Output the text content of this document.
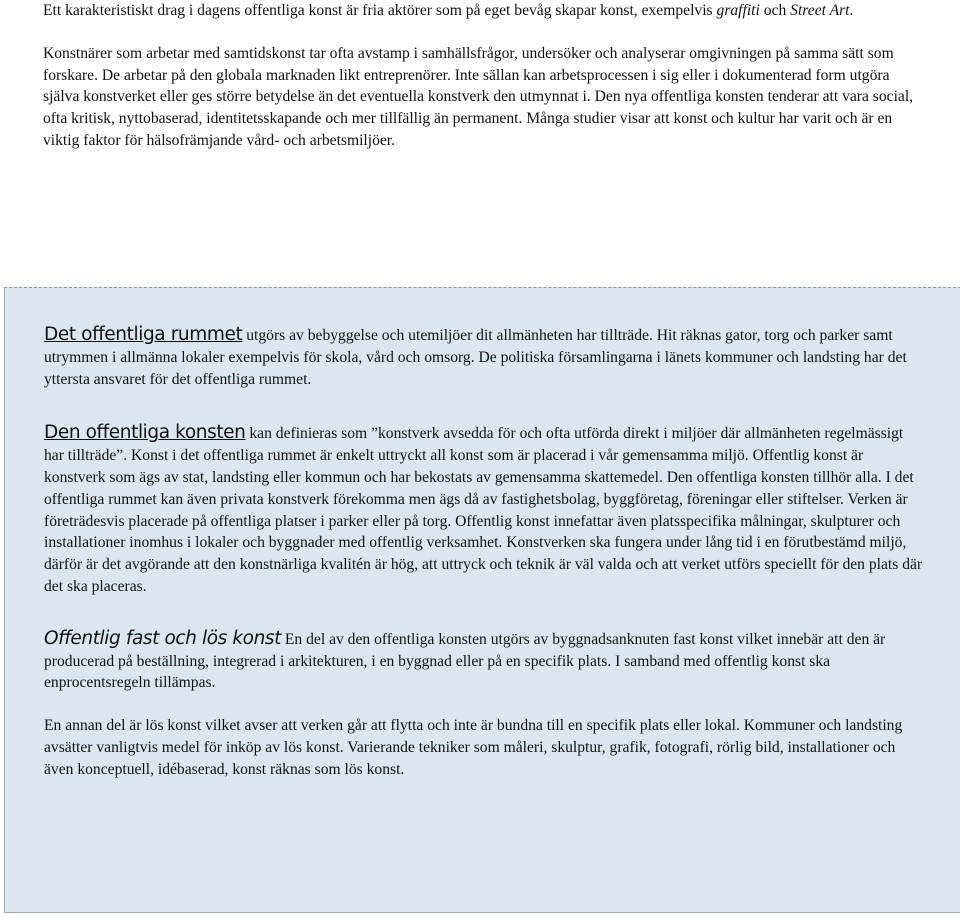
Ett karakteristiskt drag i dagens offentliga konst är fria aktörer som på eget bevåg skapar konst, exempelvis graffiti och Street Art.

Konstnärer som arbetar med samtidskonst tar ofta avstamp i samhällsfrågor, undersöker och analyserar omgivningen på samma sätt som forskare. De arbetar på den globala marknaden likt entreprenörer. Inte sällan kan arbetsprocessen i sig eller i dokumenterad form utgöra själva konstverket eller ges större betydelse än det eventuella konstverk den utmynnat i. Den nya offentliga konsten tenderar att vara social, ofta kritisk, nyttobaserad, identitetsskapande och mer tillfällig än permanent. Många studier visar att konst och kultur har varit och är en viktig faktor för hälsofrämjande vård- och arbetsmiljöer.

Det offentliga rummet utgörs av bebyggelse och utemiljöer dit allmänheten har tillträde. Hit räknas gator, torg och parker samt utrymmen i allmänna lokaler exempelvis för skola, vård och omsorg. De politiska församlingarna i länets kommuner och landsting har det yttersta ansvaret för det offentliga rummet.

Den offentliga konsten kan definieras som ”konstverk avsedda för och ofta utförda direkt i miljöer där allmänheten regelmässigt har tillträde”. Konst i det offentliga rummet är enkelt uttryckt all konst som är placerad i vår gemensamma miljö. Offentlig konst är konstverk som ägs av stat, landsting eller kommun och har bekostats av gemensamma skattemedel. Den offentliga konsten tillhör alla. I det offentliga rummet kan även privata konstverk förekomma men ägs då av fastighetsbolag, byggföretag, föreningar eller stiftelser. Verken är företrädesvis placerade på offentliga platser i parker eller på torg. Offentlig konst innefattar även platsspecifika målningar, skulpturer och installationer inomhus i lokaler och byggnader med offentlig verksamhet. Konstverken ska fungera under lång tid i en förutbestämd miljö, därför är det avgörande att den konstnärliga kvalitén är hög, att uttryck och teknik är väl valda och att verket utförs speciellt för den plats där det ska placeras.

Offentlig fast och lös konst En del av den offentliga konsten utgörs av byggnadsanknuten fast konst vilket innebär att den är producerad på beställning, integrerad i arkitekturen, i en byggnad eller på en specifik plats. I samband med offentlig konst ska enprocentsregeln tillämpas.

En annan del är lös konst vilket avser att verken går att flytta och inte är bundna till en specifik plats eller lokal. Kommuner och landsting avsätter vanligtvis medel för inköp av lös konst. Varierande tekniker som måleri, skulptur, grafik, fotografi, rörlig bild, installationer och även konceptuell, idébaserad, konst räknas som lös konst.
